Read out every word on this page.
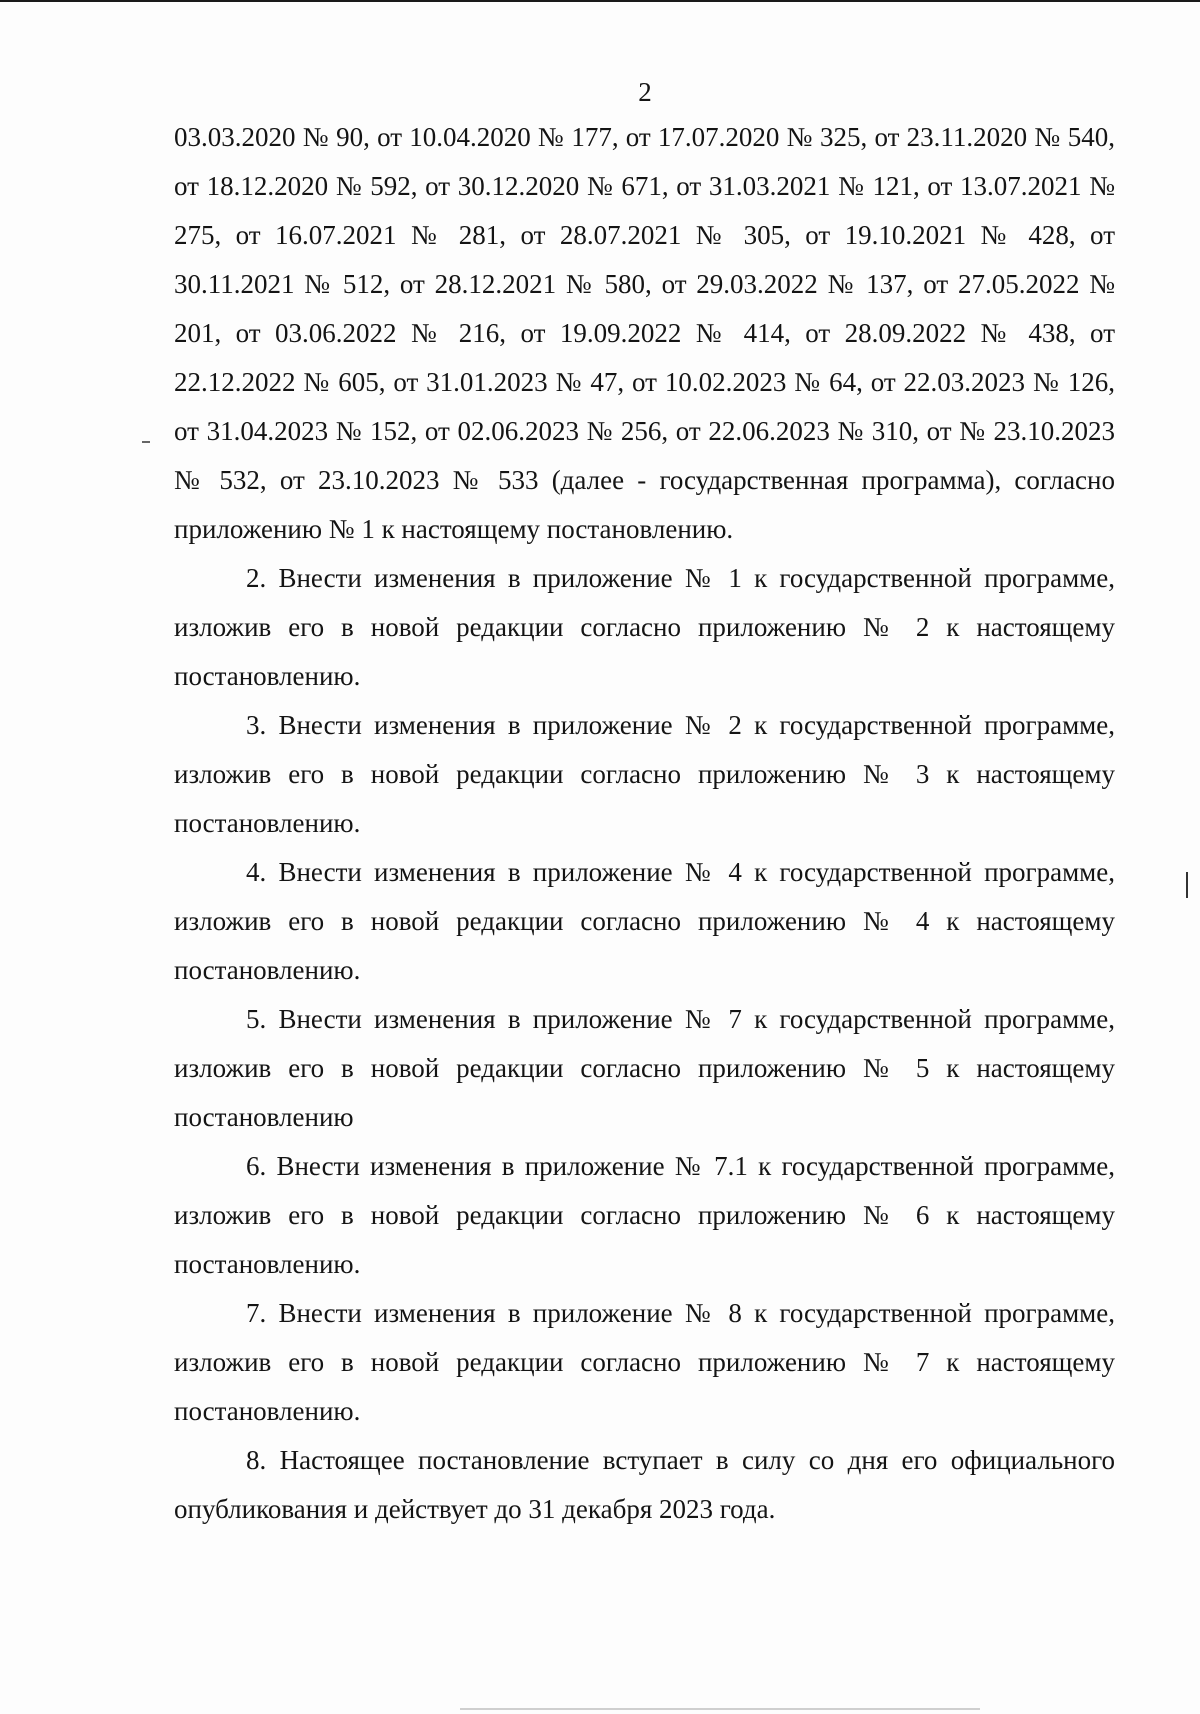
2

03.03.2020 № 90, от 10.04.2020 № 177, от 17.07.2020 № 325, от 23.11.2020 № 540, от 18.12.2020 № 592, от 30.12.2020 № 671, от 31.03.2021 № 121, от 13.07.2021 № 275, от 16.07.2021 № 281, от 28.07.2021 № 305, от 19.10.2021 № 428, от 30.11.2021 № 512, от 28.12.2021 № 580, от 29.03.2022 № 137, от 27.05.2022 № 201, от 03.06.2022 № 216, от 19.09.2022 № 414, от 28.09.2022 № 438, от 22.12.2022 № 605, от 31.01.2023 № 47, от 10.02.2023 № 64, от 22.03.2023 № 126, от 31.04.2023 № 152, от 02.06.2023 № 256, от 22.06.2023 № 310, от № 23.10.2023 № 532, от 23.10.2023 № 533 (далее - государственная программа), согласно приложению № 1 к настоящему постановлению.

2. Внести изменения в приложение № 1 к государственной программе, изложив его в новой редакции согласно приложению № 2 к настоящему постановлению.

3. Внести изменения в приложение № 2 к государственной программе, изложив его в новой редакции согласно приложению № 3 к настоящему постановлению.

4. Внести изменения в приложение № 4 к государственной программе, изложив его в новой редакции согласно приложению № 4 к настоящему постановлению.

5. Внести изменения в приложение № 7 к государственной программе, изложив его в новой редакции согласно приложению № 5 к настоящему постановлению

6. Внести изменения в приложение № 7.1 к государственной программе, изложив его в новой редакции согласно приложению № 6 к настоящему постановлению.

7. Внести изменения в приложение № 8 к государственной программе, изложив его в новой редакции согласно приложению № 7 к настоящему постановлению.

8. Настоящее постановление вступает в силу со дня его официального опубликования и действует до 31 декабря 2023 года.
